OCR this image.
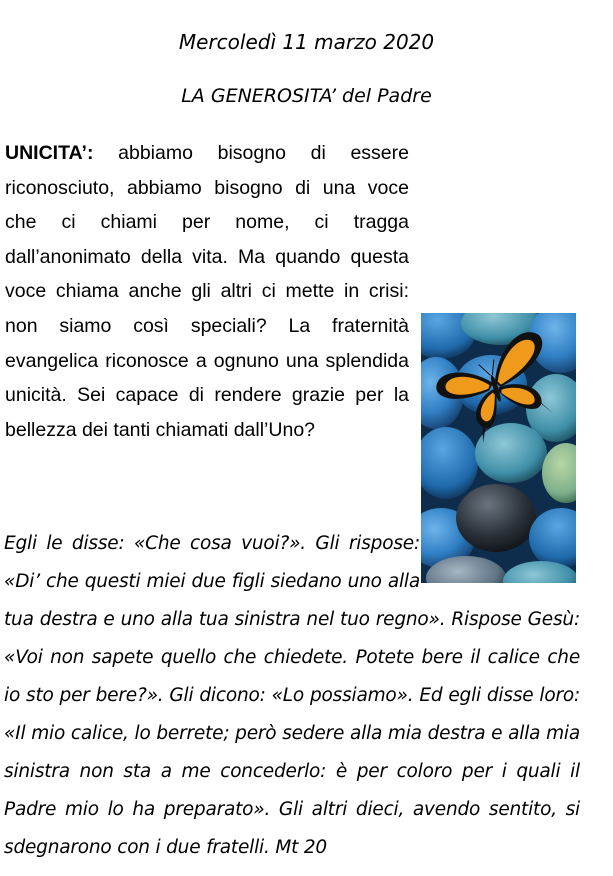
Mercoledì 11 marzo 2020
LA GENEROSITA’ del Padre

UNICITA’: abbiamo bisogno di essere riconosciuto, abbiamo bisogno di una voce che ci chiami per nome, ci tragga dall’anonimato della vita. Ma quando questa voce chiama anche gli altri ci mette in crisi: non siamo così speciali? La fraternità evangelica riconosce a ognuno una splendida unicità. Sei capace di rendere grazie per la bellezza dei tanti chiamati dall’Uno?

Egli le disse: «Che cosa vuoi?». Gli rispose: «Di’ che questi miei due figli siedano uno alla tua destra e uno alla tua sinistra nel tuo regno». Rispose Gesù: «Voi non sapete quello che chiedete. Potete bere il calice che io sto per bere?». Gli dicono: «Lo possiamo». Ed egli disse loro: «Il mio calice, lo berrete; però sedere alla mia destra e alla mia sinistra non sta a me concederlo: è per coloro per i quali il Padre mio lo ha preparato». Gli altri dieci, avendo sentito, si sdegnarono con i due fratelli. Mt 20
